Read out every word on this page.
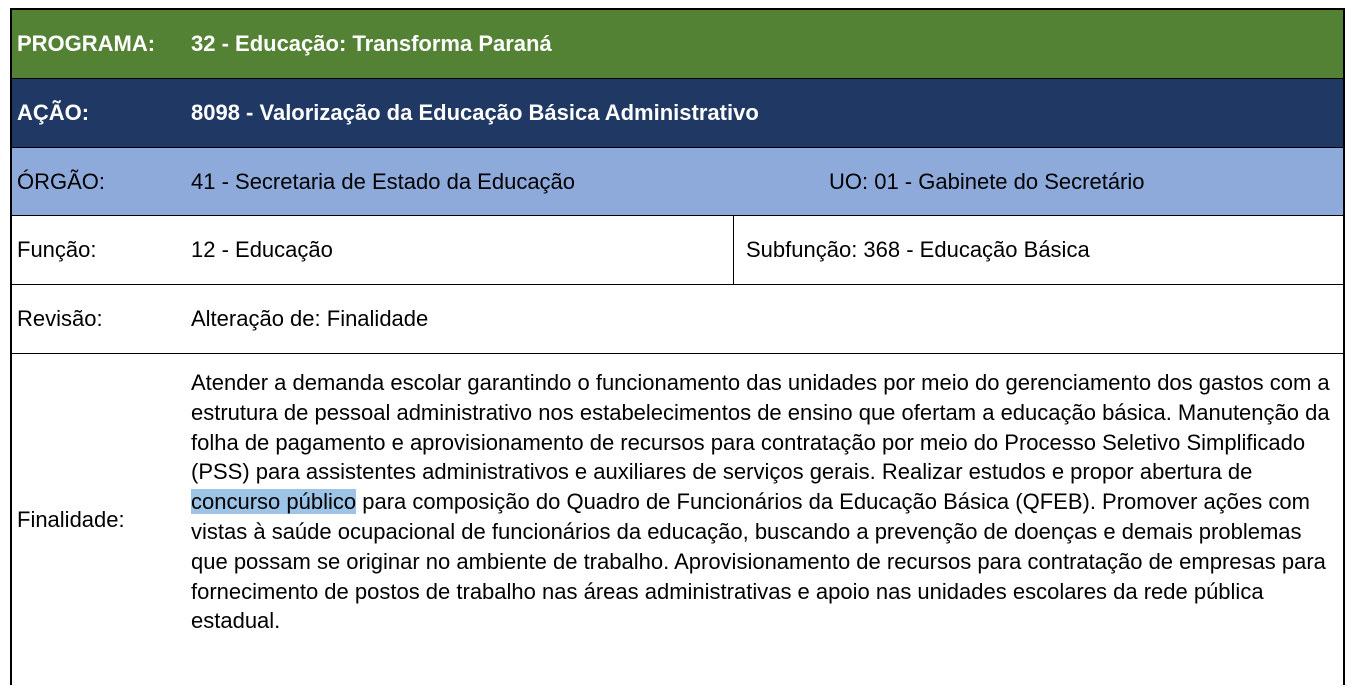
PROGRAMA:	32 - Educação: Transforma Paraná
AÇÃO:	8098 - Valorização da Educação Básica Administrativo
ÓRGÃO:	41 - Secretaria de Estado da Educação	UO: 01 - Gabinete do Secretário
Função:	12 - Educação	Subfunção: 368 - Educação Básica
Revisão:	Alteração de: Finalidade
Finalidade:
Atender a demanda escolar garantindo o funcionamento das unidades por meio do gerenciamento dos gastos com a estrutura de pessoal administrativo nos estabelecimentos de ensino que ofertam a educação básica. Manutenção da folha de pagamento e aprovisionamento de recursos para contratação por meio do Processo Seletivo Simplificado (PSS) para assistentes administrativos e auxiliares de serviços gerais. Realizar estudos e propor abertura de concurso público para composição do Quadro de Funcionários da Educação Básica (QFEB). Promover ações com vistas à saúde ocupacional de funcionários da educação, buscando a prevenção de doenças e demais problemas que possam se originar no ambiente de trabalho. Aprovisionamento de recursos para contratação de empresas para fornecimento de postos de trabalho nas áreas administrativas e apoio nas unidades escolares da rede pública estadual.
